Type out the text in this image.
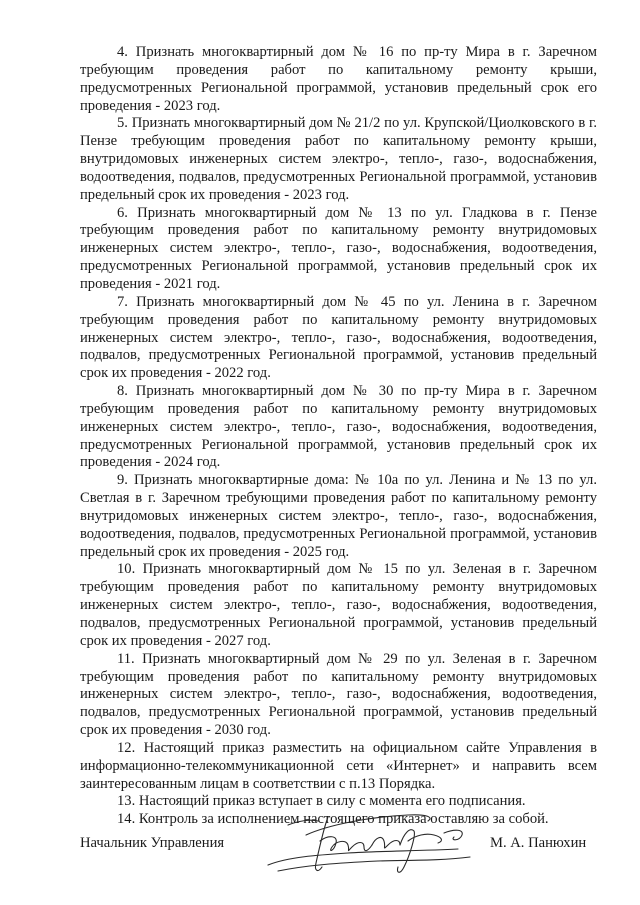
4. Признать многоквартирный дом № 16 по пр-ту Мира в г. Заречном требующим проведения работ по капитальному ремонту крыши, предусмотренных Региональной программой, установив предельный срок его проведения - 2023 год.

5. Признать многоквартирный дом № 21/2 по ул. Крупской/Циолковского в г. Пензе требующим проведения работ по капитальному ремонту крыши, внутридомовых инженерных систем электро-, тепло-, газо-, водоснабжения, водоотведения, подвалов, предусмотренных Региональной программой, установив предельный срок их проведения - 2023 год.

6. Признать многоквартирный дом № 13 по ул. Гладкова в г. Пензе требующим проведения работ по капитальному ремонту внутридомовых инженерных систем электро-, тепло-, газо-, водоснабжения, водоотведения, предусмотренных Региональной программой, установив предельный срок их проведения - 2021 год.

7. Признать многоквартирный дом № 45 по ул. Ленина в г. Заречном требующим проведения работ по капитальному ремонту внутридомовых инженерных систем электро-, тепло-, газо-, водоснабжения, водоотведения, подвалов, предусмотренных Региональной программой, установив предельный срок их проведения - 2022 год.

8. Признать многоквартирный дом № 30 по пр-ту Мира в г. Заречном требующим проведения работ по капитальному ремонту внутридомовых инженерных систем электро-, тепло-, газо-, водоснабжения, водоотведения, предусмотренных Региональной программой, установив предельный срок их проведения - 2024 год.

9. Признать многоквартирные дома: № 10а по ул. Ленина и № 13 по ул. Светлая в г. Заречном требующими проведения работ по капитальному ремонту внутридомовых инженерных систем электро-, тепло-, газо-, водоснабжения, водоотведения, подвалов, предусмотренных Региональной программой, установив предельный срок их проведения - 2025 год.

10. Признать многоквартирный дом № 15 по ул. Зеленая в г. Заречном требующим проведения работ по капитальному ремонту внутридомовых инженерных систем электро-, тепло-, газо-, водоснабжения, водоотведения, подвалов, предусмотренных Региональной программой, установив предельный срок их проведения - 2027 год.

11. Признать многоквартирный дом № 29 по ул. Зеленая в г. Заречном требующим проведения работ по капитальному ремонту внутридомовых инженерных систем электро-, тепло-, газо-, водоснабжения, водоотведения, подвалов, предусмотренных Региональной программой, установив предельный срок их проведения - 2030 год.

12. Настоящий приказ разместить на официальном сайте Управления в информационно-телекоммуникационной сети «Интернет» и направить всем заинтересованным лицам в соответствии с п.13 Порядка.

13. Настоящий приказ вступает в силу с момента его подписания.

14. Контроль за исполнением настоящего приказа оставляю за собой.

Начальник Управления	М. А. Панюхин
